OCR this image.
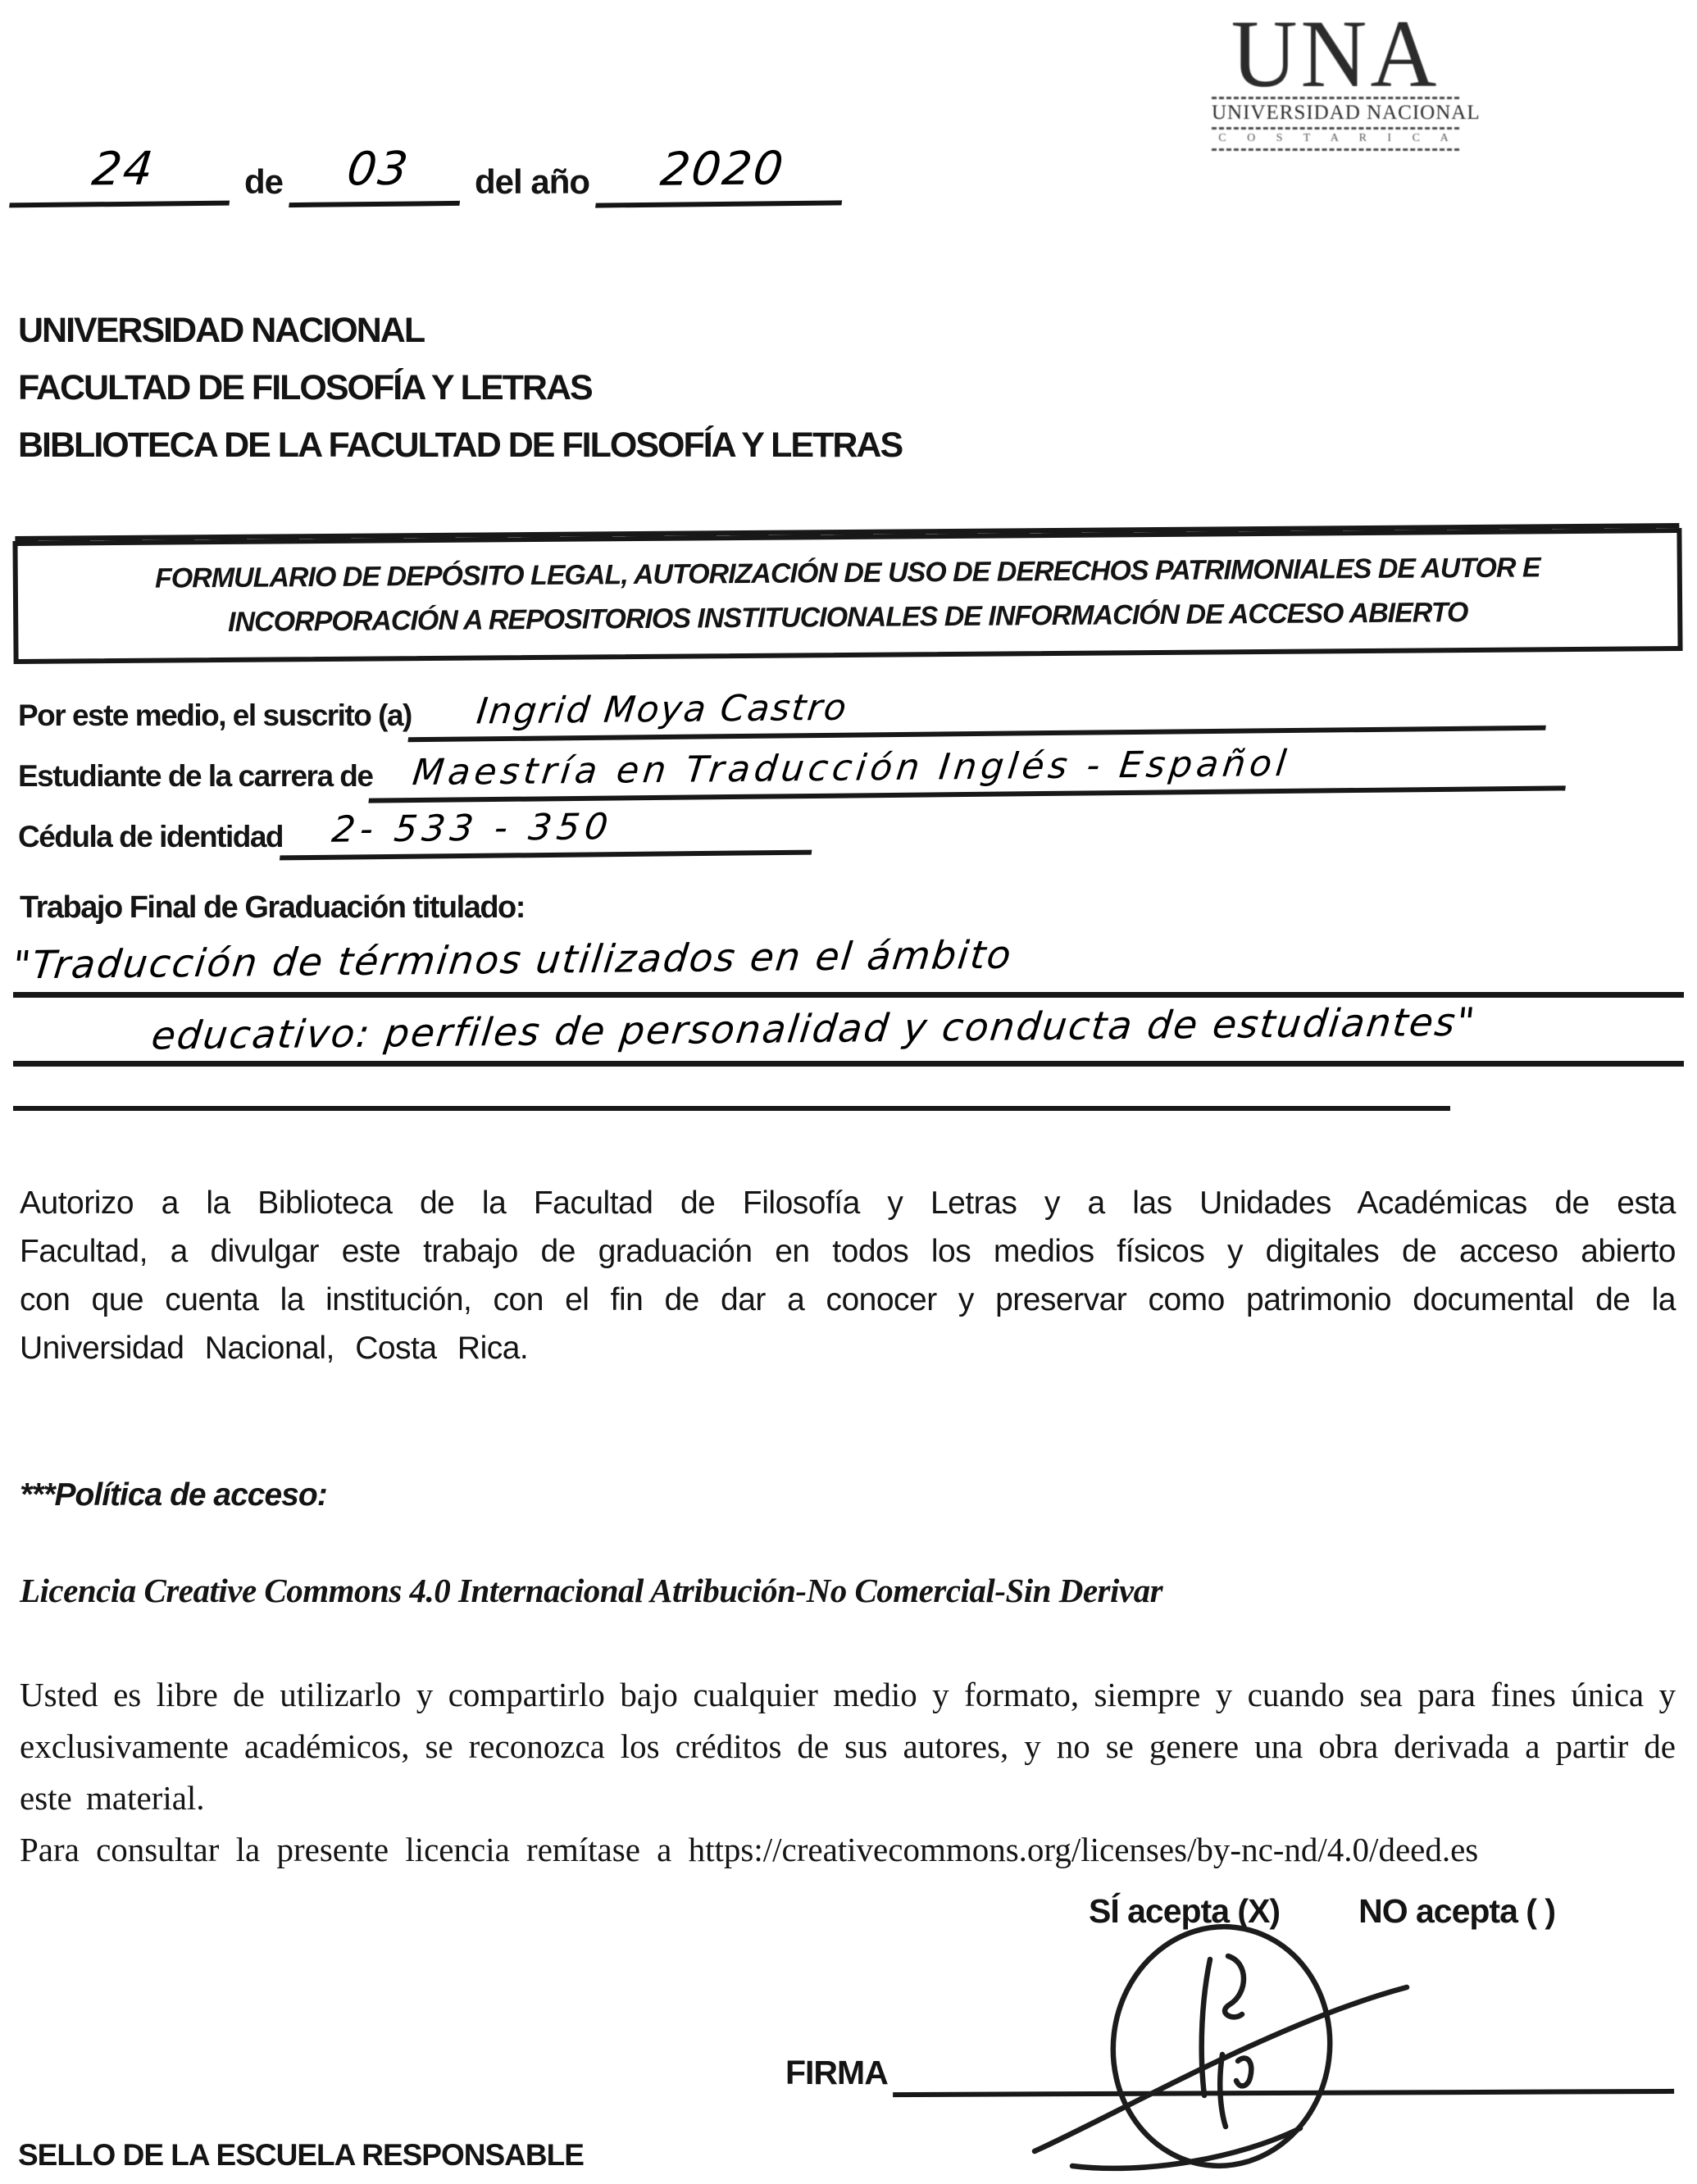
UNA
UNIVERSIDAD NACIONAL
C O S T A R I C A
24	de	03	del año	2020
UNIVERSIDAD NACIONAL
FACULTAD DE FILOSOFÍA Y LETRAS
BIBLIOTECA DE LA FACULTAD DE FILOSOFÍA Y LETRAS
FORMULARIO DE DEPÓSITO LEGAL, AUTORIZACIÓN DE USO DE DERECHOS PATRIMONIALES DE AUTOR E
INCORPORACIÓN A REPOSITORIOS INSTITUCIONALES DE INFORMACIÓN DE ACCESO ABIERTO
Por este medio, el suscrito (a)	Ingrid Moya Castro
Estudiante de la carrera de	Maestría en Traducción Inglés - Español
Cédula de identidad	2- 533 - 350
Trabajo Final de Graduación titulado:
"Traducción de términos utilizados en el ámbito
educativo: perfiles de personalidad y conducta de estudiantes"

Autorizo a la Biblioteca de la Facultad de Filosofía y Letras y a las Unidades Académicas de esta Facultad, a divulgar este trabajo de graduación en todos los medios físicos y digitales de acceso abierto con que cuenta la institución, con el fin de dar a conocer y preservar como patrimonio documental de la Universidad Nacional, Costa Rica.

***Política de acceso:
Licencia Creative Commons 4.0 Internacional Atribución-No Comercial-Sin Derivar

Usted es libre de utilizarlo y compartirlo bajo cualquier medio y formato, siempre y cuando sea para fines única y exclusivamente académicos, se reconozca los créditos de sus autores, y no se genere una obra derivada a partir de este material.

Para consultar la presente licencia remítase a https://creativecommons.org/licenses/by-nc-nd/4.0/deed.es

SÍ acepta (X) NO acepta ( )
FIRMA
SELLO DE LA ESCUELA RESPONSABLE
